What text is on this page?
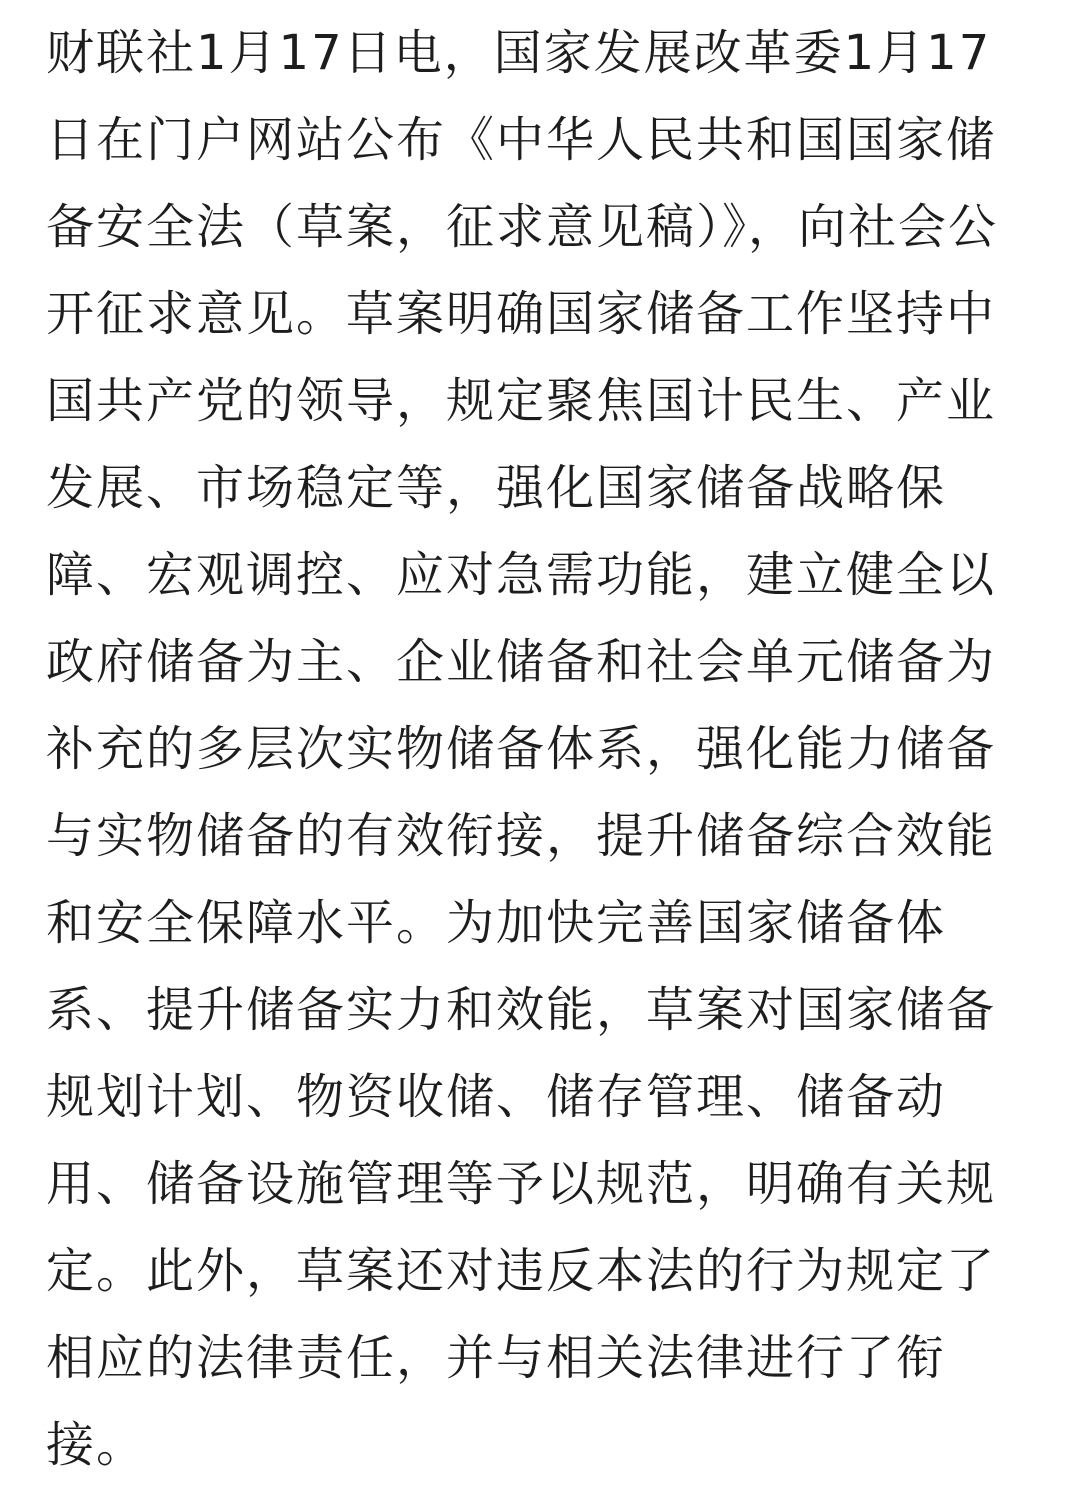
财联社1月17日电，国家发展改革委1月17日在门户网站公布《中华人民共和国国家储备安全法（草案，征求意见稿）》，向社会公开征求意见。草案明确国家储备工作坚持中国共产党的领导，规定聚焦国计民生、产业发展、市场稳定等，强化国家储备战略保障、宏观调控、应对急需功能，建立健全以政府储备为主、企业储备和社会单元储备为补充的多层次实物储备体系，强化能力储备与实物储备的有效衔接，提升储备综合效能和安全保障水平。为加快完善国家储备体系、提升储备实力和效能，草案对国家储备规划计划、物资收储、储存管理、储备动用、储备设施管理等予以规范，明确有关规定。此外，草案还对违反本法的行为规定了相应的法律责任，并与相关法律进行了衔接。
